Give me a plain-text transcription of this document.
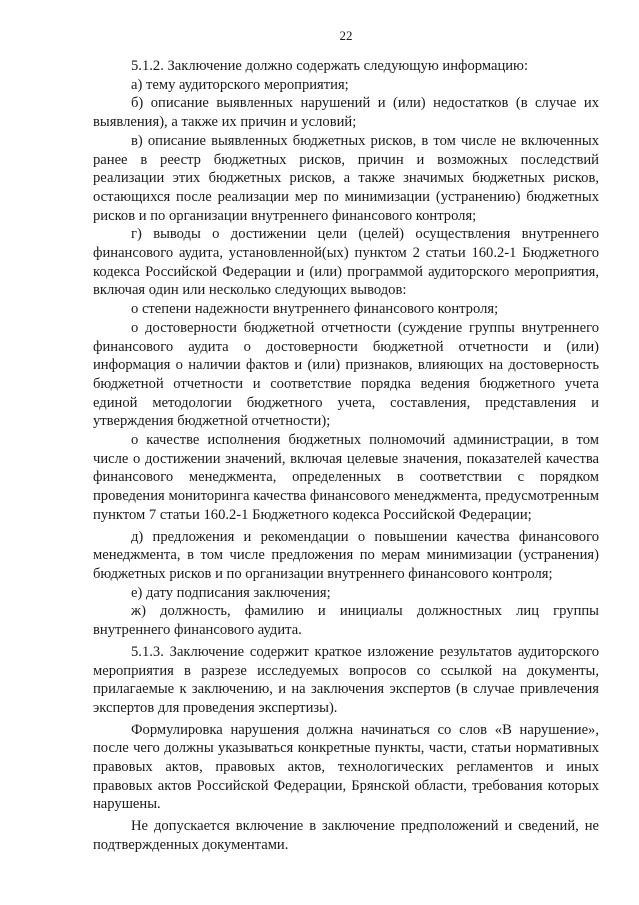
22

5.1.2. Заключение должно содержать следующую информацию:

а) тему аудиторского мероприятия;

б) описание выявленных нарушений и (или) недостатков (в случае их выявления), а также их причин и условий;

в) описание выявленных бюджетных рисков, в том числе не включенных ранее в реестр бюджетных рисков, причин и возможных последствий реализации этих бюджетных рисков, а также значимых бюджетных рисков, остающихся после реализации мер по минимизации (устранению) бюджетных рисков и по организации внутреннего финансового контроля;

г) выводы о достижении цели (целей) осуществления внутреннего финансового аудита, установленной(ых) пунктом 2 статьи 160.2-1 Бюджетного кодекса Российской Федерации и (или) программой аудиторского мероприятия, включая один или несколько следующих выводов:

о степени надежности внутреннего финансового контроля;

о достоверности бюджетной отчетности (суждение группы внутреннего финансового аудита о достоверности бюджетной отчетности и (или) информация о наличии фактов и (или) признаков, влияющих на достоверность бюджетной отчетности и соответствие порядка ведения бюджетного учета единой методологии бюджетного учета, составления, представления и утверждения бюджетной отчетности);

о качестве исполнения бюджетных полномочий администрации, в том числе о достижении значений, включая целевые значения, показателей качества финансового менеджмента, определенных в соответствии с порядком проведения мониторинга качества финансового менеджмента, предусмотренным пунктом 7 статьи 160.2-1 Бюджетного кодекса Российской Федерации;

д) предложения и рекомендации о повышении качества финансового менеджмента, в том числе предложения по мерам минимизации (устранения) бюджетных рисков и по организации внутреннего финансового контроля;

е) дату подписания заключения;

ж) должность, фамилию и инициалы должностных лиц группы внутреннего финансового аудита.

5.1.3. Заключение содержит краткое изложение результатов аудиторского мероприятия в разрезе исследуемых вопросов со ссылкой на документы, прилагаемые к заключению, и на заключения экспертов (в случае привлечения экспертов для проведения экспертизы).

Формулировка нарушения должна начинаться со слов «В нарушение», после чего должны указываться конкретные пункты, части, статьи нормативных правовых актов, правовых актов, технологических регламентов и иных правовых актов Российской Федерации, Брянской области, требования которых нарушены.

Не допускается включение в заключение предположений и сведений, не подтвержденных документами.
